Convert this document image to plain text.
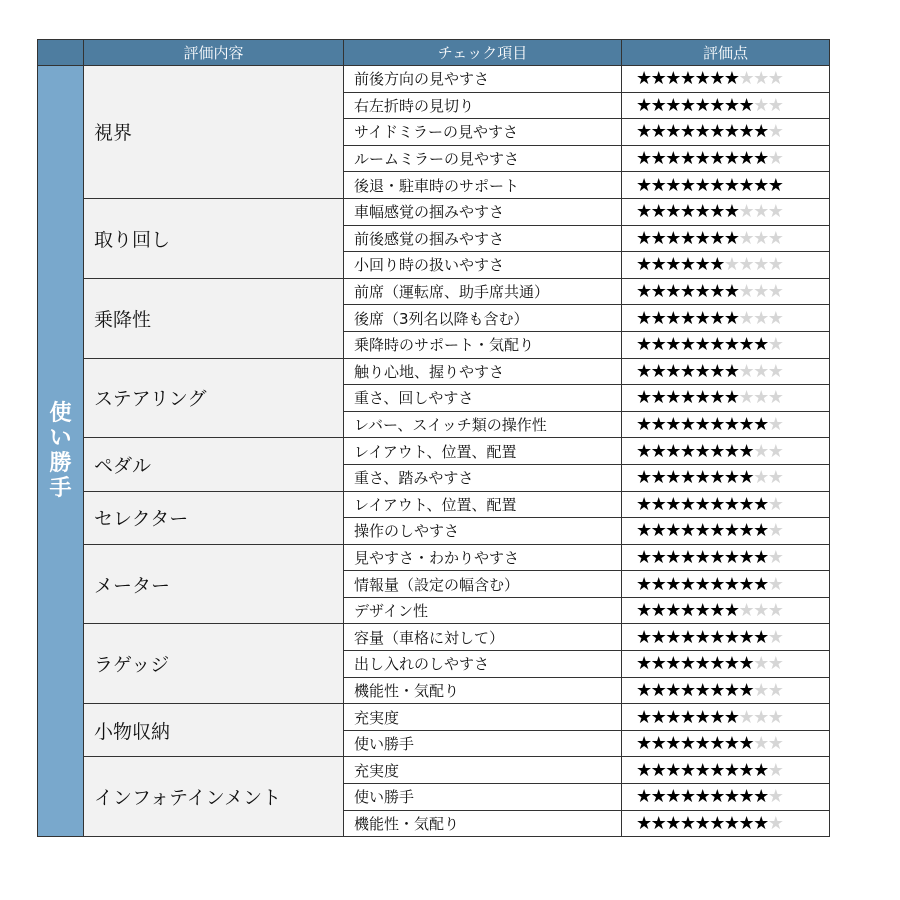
	評価内容	チェック項目	評価点
使い勝手	視界	前後方向の見やすさ	★★★★★★★★★★
		右左折時の見切り	★★★★★★★★★★
		サイドミラーの見やすさ	★★★★★★★★★★
		ルームミラーの見やすさ	★★★★★★★★★★
		後退・駐車時のサポート	★★★★★★★★★★
	取り回し	車幅感覚の掴みやすさ	★★★★★★★★★★
		前後感覚の掴みやすさ	★★★★★★★★★★
		小回り時の扱いやすさ	★★★★★★★★★★
	乗降性	前席（運転席、助手席共通）	★★★★★★★★★★
		後席（3列名以降も含む）	★★★★★★★★★★
		乗降時のサポート・気配り	★★★★★★★★★★
	ステアリング	触り心地、握りやすさ	★★★★★★★★★★
		重さ、回しやすさ	★★★★★★★★★★
		レバー、スイッチ類の操作性	★★★★★★★★★★
	ペダル	レイアウト、位置、配置	★★★★★★★★★★
		重さ、踏みやすさ	★★★★★★★★★★
	セレクター	レイアウト、位置、配置	★★★★★★★★★★
		操作のしやすさ	★★★★★★★★★★
	メーター	見やすさ・わかりやすさ	★★★★★★★★★★
		情報量（設定の幅含む）	★★★★★★★★★★
		デザイン性	★★★★★★★★★★
	ラゲッジ	容量（車格に対して）	★★★★★★★★★★
		出し入れのしやすさ	★★★★★★★★★★
		機能性・気配り	★★★★★★★★★★
	小物収納	充実度	★★★★★★★★★★
		使い勝手	★★★★★★★★★★
	インフォテインメント	充実度	★★★★★★★★★★
		使い勝手	★★★★★★★★★★
		機能性・気配り	★★★★★★★★★★
